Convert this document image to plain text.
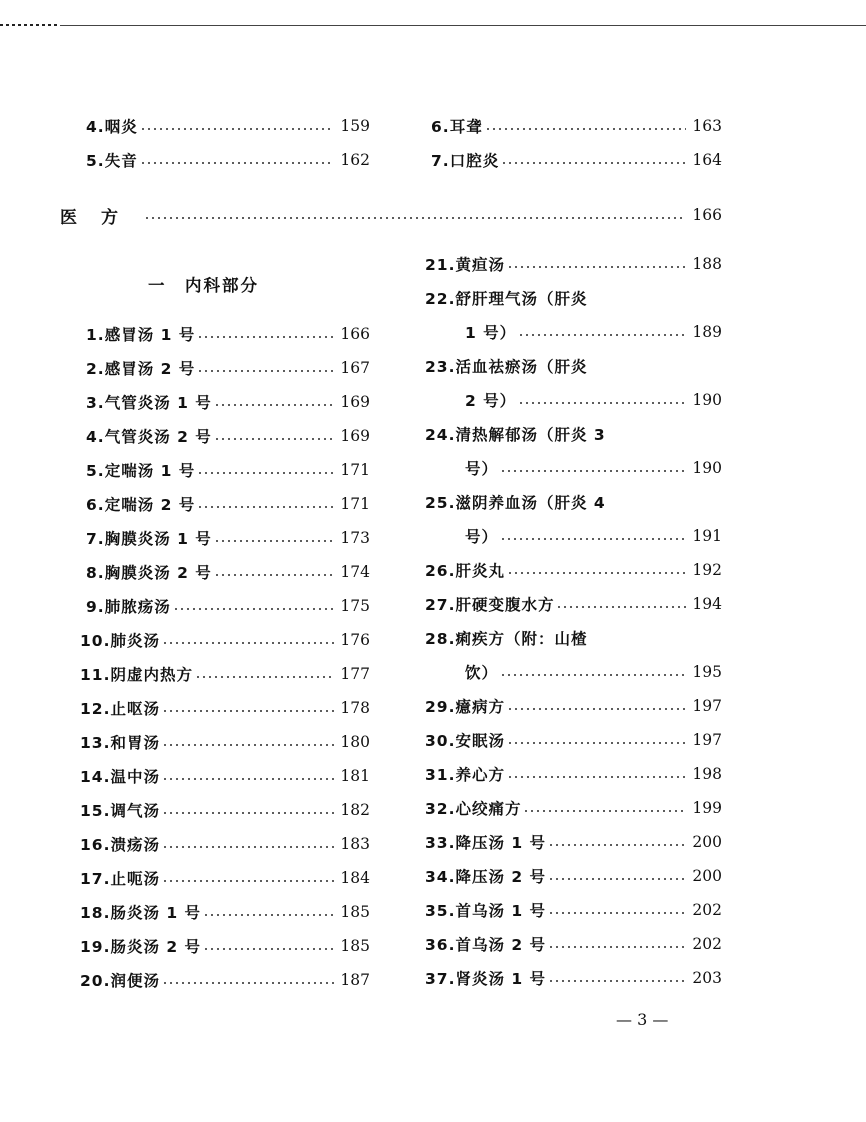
4.咽炎	159
5.失音	162
6.耳聋	163
7.口腔炎	164
医方	166
一　内科部分
1.感冒汤 1 号	166
2.感冒汤 2 号	167
3.气管炎汤 1 号	169
4.气管炎汤 2 号	169
5.定喘汤 1 号	171
6.定喘汤 2 号	171
7.胸膜炎汤 1 号	173
8.胸膜炎汤 2 号	174
9.肺脓疡汤	175
10.肺炎汤	176
11.阴虚内热方	177
12.止呕汤	178
13.和胃汤	180
14.温中汤	181
15.调气汤	182
16.溃疡汤	183
17.止呃汤	184
18.肠炎汤 1 号	185
19.肠炎汤 2 号	185
20.润便汤	187
21.黄疸汤	188
22.舒肝理气汤（肝炎
1 号）	189
23.活血祛瘀汤（肝炎
2 号）	190
24.清热解郁汤（肝炎 3
号）	190
25.滋阴养血汤（肝炎 4
号）	191
26.肝炎丸	192
27.肝硬变腹水方	194
28.痢疾方（附：山楂
饮）	195
29.癔病方	197
30.安眠汤	197
31.养心方	198
32.心绞痛方	199
33.降压汤 1 号	200
34.降压汤 2 号	200
35.首乌汤 1 号	202
36.首乌汤 2 号	202
37.肾炎汤 1 号	203
— 3 —
